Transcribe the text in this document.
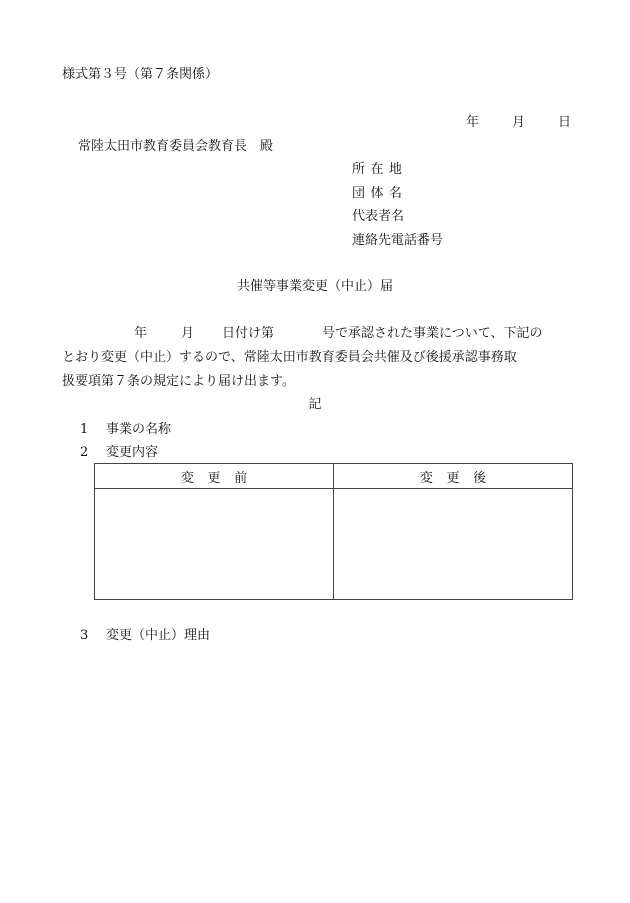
様式第３号（第７条関係）
年	月	日
常陸太田市教育委員会教育長　殿
所在地
団体名
代表者名
連絡先電話番号
共催等事業変更（中止）届
年	月 日付け第	号で承認された事業について、下記の
とおり変更（中止）するので、常陸太田市教育委員会共催及び後援承認事務取
扱要項第７条の規定により届け出ます。
記
1 事業の名称
2 変更内容
変更前	変更後

3 変更（中止）理由
